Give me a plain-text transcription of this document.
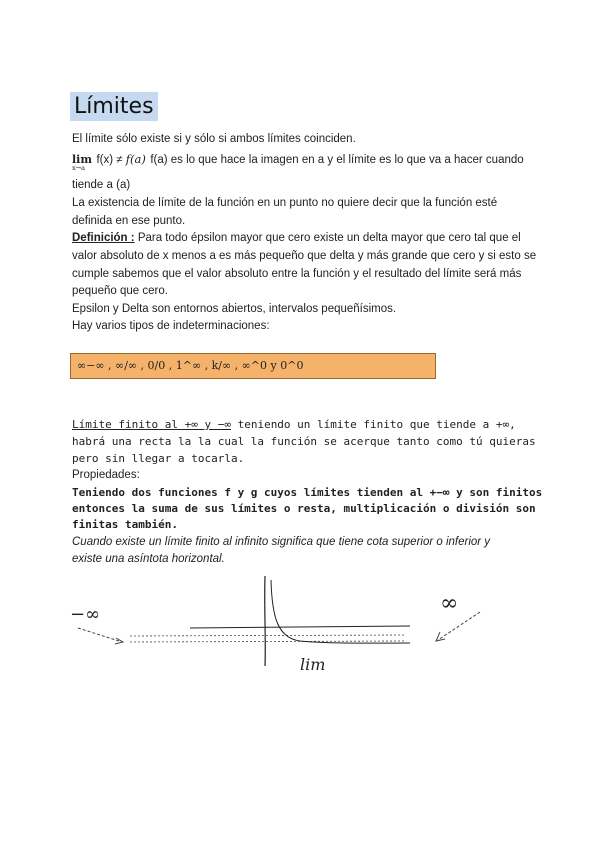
Límites
El límite sólo existe si y sólo si ambos límites coinciden.
lim
x→a
f(x) ≠ f(a) f(a) es lo que hace la imagen en a y el límite es lo que va a hacer cuando
tiende a (a)
La existencia de límite de la función en un punto no quiere decir que la función esté
definida en ese punto.
Definición : Para todo épsilon mayor que cero existe un delta mayor que cero tal que el
valor absoluto de x menos a es más pequeño que delta y más grande que cero y si esto se
cumple sabemos que el valor absoluto entre la función y el resultado del límite será más
pequeño que cero.
Epsilon y Delta son entornos abiertos, intervalos pequeñísimos.
Hay varios tipos de indeterminaciones:
∞−∞ , ∞/∞ , 0/0 , 1^∞ , k/∞ , ∞^0 y 0^0
Límite finito al +∞ y −∞ teniendo un límite finito que tiende a +∞,
habrá una recta la la cual la función se acerque tanto como tú quieras
pero sin llegar a tocarla.
Propiedades:
Teniendo dos funciones f y g cuyos límites tienden al +−∞ y son finitos
entonces la suma de sus límites o resta, multiplicación o división son
finitas también.
Cuando existe un límite finito al infinito significa que tiene cota superior o inferior y
existe una asíntota horizontal.
−∞	∞
lim
